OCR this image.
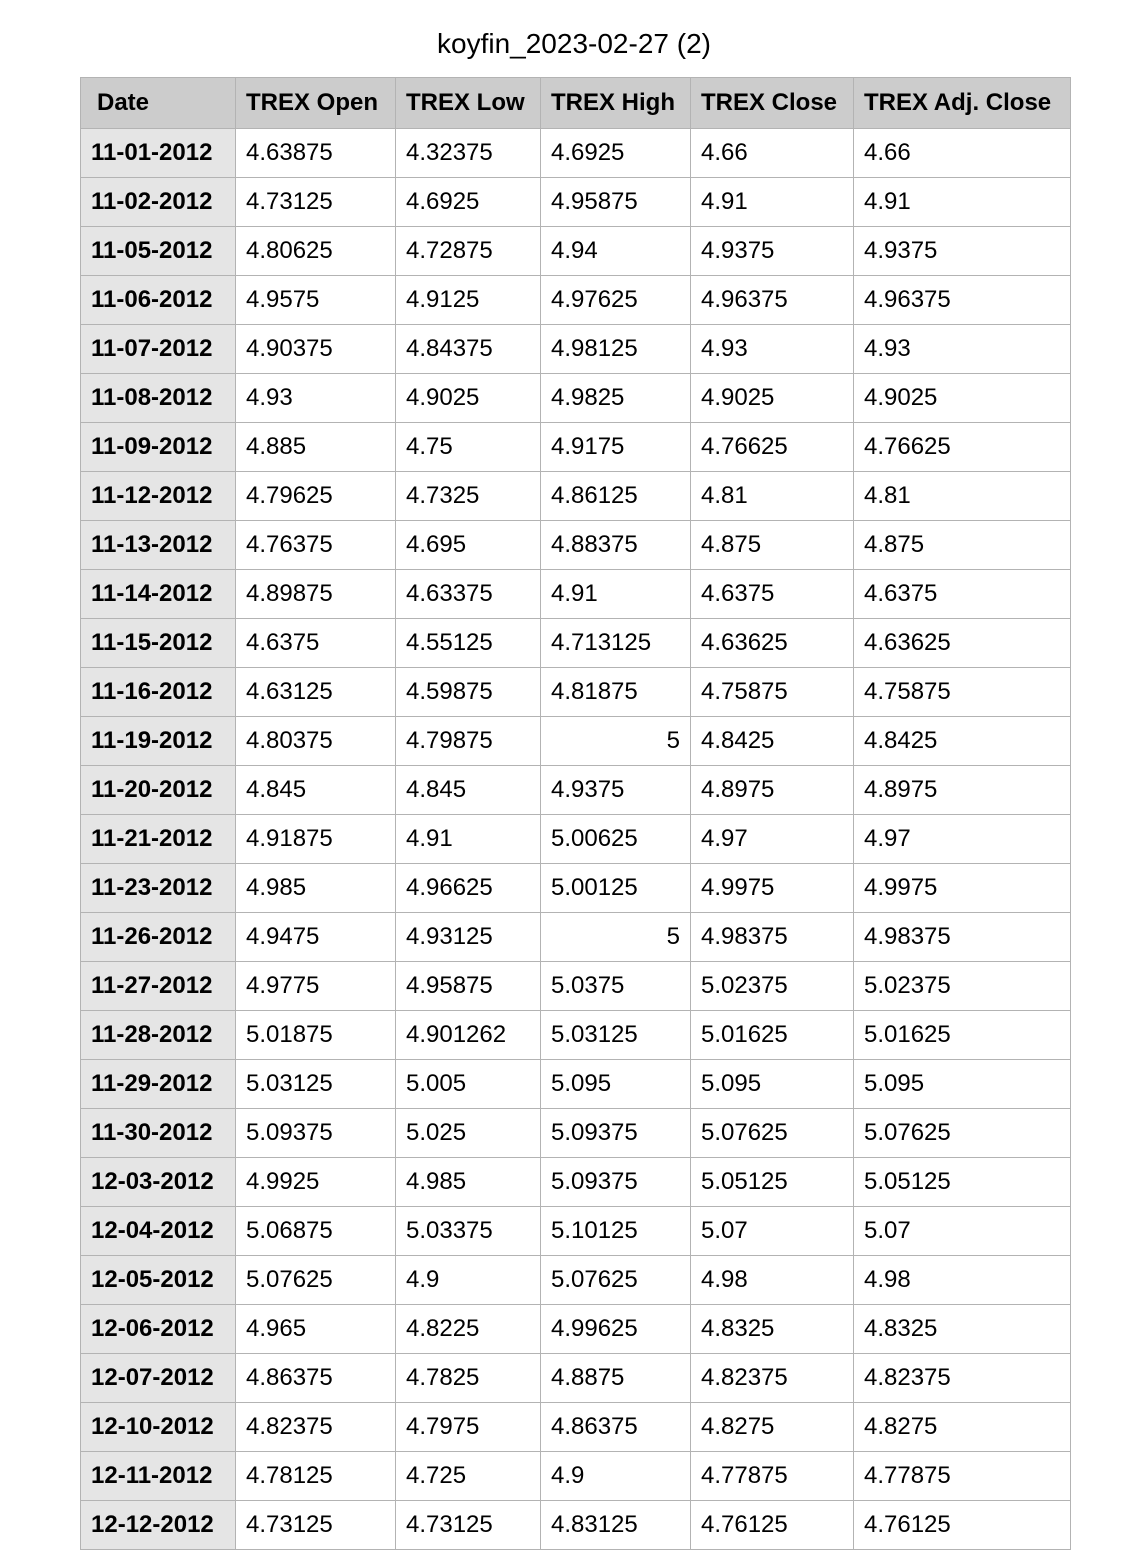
koyfin_2023-02-27 (2)
Date	TREX Open	TREX Low	TREX High	TREX Close	TREX Adj. Close
11-01-2012	4.63875	4.32375	4.6925	4.66	4.66
11-02-2012	4.73125	4.6925	4.95875	4.91	4.91
11-05-2012	4.80625	4.72875	4.94	4.9375	4.9375
11-06-2012	4.9575	4.9125	4.97625	4.96375	4.96375
11-07-2012	4.90375	4.84375	4.98125	4.93	4.93
11-08-2012	4.93	4.9025	4.9825	4.9025	4.9025
11-09-2012	4.885	4.75	4.9175	4.76625	4.76625
11-12-2012	4.79625	4.7325	4.86125	4.81	4.81
11-13-2012	4.76375	4.695	4.88375	4.875	4.875
11-14-2012	4.89875	4.63375	4.91	4.6375	4.6375
11-15-2012	4.6375	4.55125	4.713125	4.63625	4.63625
11-16-2012	4.63125	4.59875	4.81875	4.75875	4.75875
11-19-2012	4.80375	4.79875	5	4.8425	4.8425
11-20-2012	4.845	4.845	4.9375	4.8975	4.8975
11-21-2012	4.91875	4.91	5.00625	4.97	4.97
11-23-2012	4.985	4.96625	5.00125	4.9975	4.9975
11-26-2012	4.9475	4.93125	5	4.98375	4.98375
11-27-2012	4.9775	4.95875	5.0375	5.02375	5.02375
11-28-2012	5.01875	4.901262	5.03125	5.01625	5.01625
11-29-2012	5.03125	5.005	5.095	5.095	5.095
11-30-2012	5.09375	5.025	5.09375	5.07625	5.07625
12-03-2012	4.9925	4.985	5.09375	5.05125	5.05125
12-04-2012	5.06875	5.03375	5.10125	5.07	5.07
12-05-2012	5.07625	4.9	5.07625	4.98	4.98
12-06-2012	4.965	4.8225	4.99625	4.8325	4.8325
12-07-2012	4.86375	4.7825	4.8875	4.82375	4.82375
12-10-2012	4.82375	4.7975	4.86375	4.8275	4.8275
12-11-2012	4.78125	4.725	4.9	4.77875	4.77875
12-12-2012	4.73125	4.73125	4.83125	4.76125	4.76125
